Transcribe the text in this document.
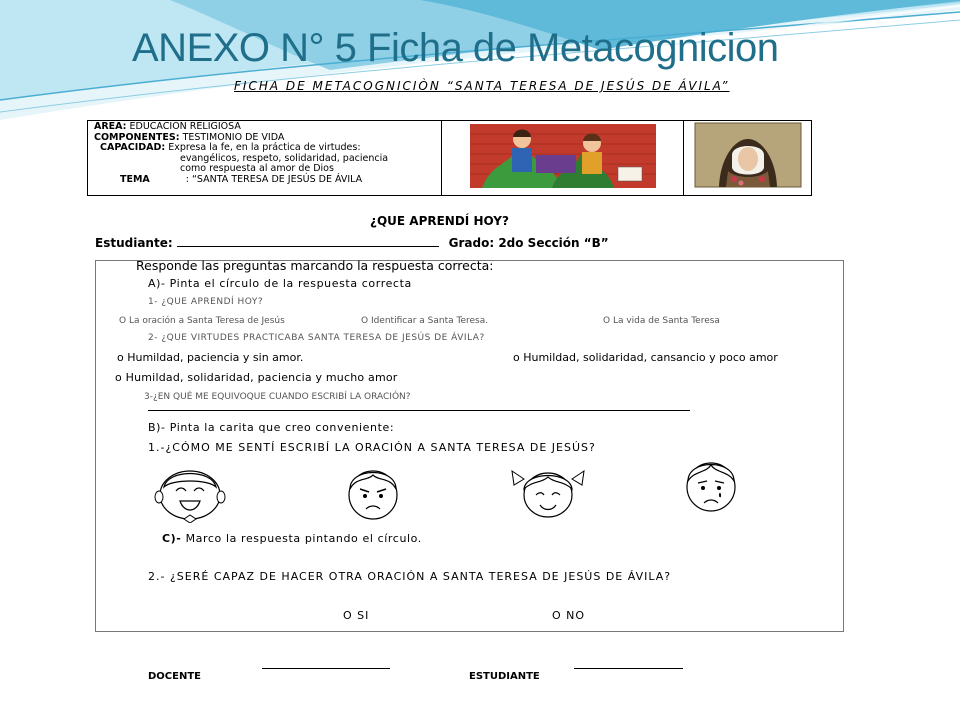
ANEXO N° 5 Ficha de Metacognicion
FICHA DE METACOGNICIÒN “SANTA TERESA DE JESÚS DE ÁVILA”
AREA: EDUCACION RELIGIOSA
COMPONENTES: TESTIMONIO DE VIDA
CAPACIDAD: Expresa la fe, en la práctica de virtudes:
evangélicos, respeto, solidaridad, paciencia
como respuesta al amor de Dios
TEMA	: “SANTA TERESA DE JESÚS DE ÁVILA
¿QUE APRENDÍ HOY?
Estudiante:	Grado: 2do Sección “B”
Responde las preguntas marcando la respuesta correcta:
A)- Pinta el círculo de la respuesta correcta
1- ¿QUE APRENDÍ HOY?
O La oración a Santa Teresa de Jesús	O Identificar a Santa Teresa.	O La vida de Santa Teresa
2- ¿QUE VIRTUDES PRACTICABA SANTA TERESA DE JESÚS DE ÁVILA?
o Humildad, paciencia y sin amor.	o Humildad, solidaridad, cansancio y poco amor
o Humildad, solidaridad, paciencia y mucho amor
3-¿EN QUÉ ME EQUIVOQUE CUANDO ESCRIBÍ LA ORACIÓN?
B)- Pinta la carita que creo conveniente:
1.-¿CÓMO ME SENTÍ ESCRIBÍ LA ORACIÓN A SANTA TERESA DE JESÚS?
C)- Marco la respuesta pintando el círculo.
2.- ¿SERÉ CAPAZ DE HACER OTRA ORACIÓN A SANTA TERESA DE JESÚS DE ÁVILA?
O SI	O NO
DOCENTE	ESTUDIANTE
